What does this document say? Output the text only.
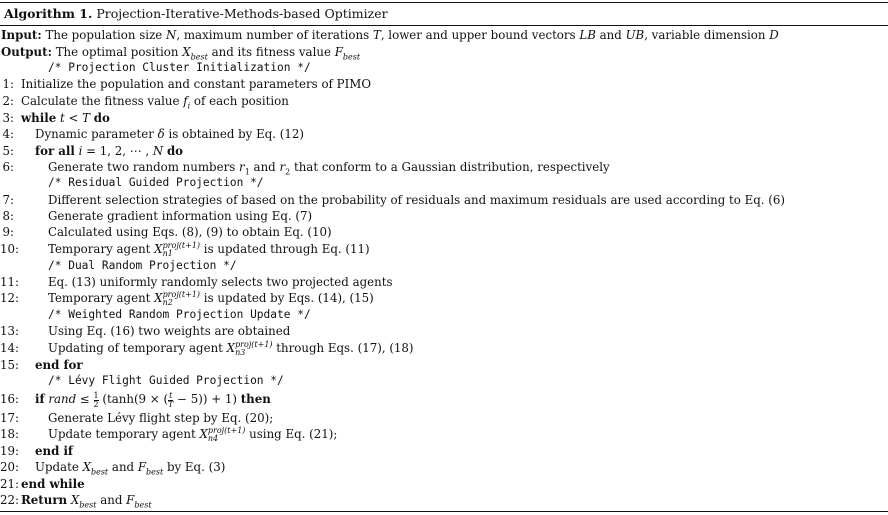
Algorithm 1. Projection-Iterative-Methods-based Optimizer
Input: The population size N, maximum number of iterations T, lower and upper bound vectors LB and UB, variable dimension D
Output: The optimal position $X_{best}$ and its fitness value $F_{best}$
/* Projection Cluster Initialization */
1: Initialize the population and constant parameters of PIMO
2: Calculate the fitness value $f_i$ of each position
3: while t < T do
4: Dynamic parameter δ is obtained by Eq. (12)
5: for all i = 1, 2, ⋯ , N do
6:	Generate two random numbers $r_1$ and $r_2$ that conform to a Gaussian distribution, respectively
/* Residual Guided Projection */
7:	Different selection strategies of based on the probability of residuals and maximum residuals are used according to Eq. (6)
8:	Generate gradient information using Eq. (7)
9:	Calculated using Eqs. (8), (9) to obtain Eq. (10)
10: Temporary agent X proj(t+1)
n1	is updated through Eq. (11)
/* Dual Random Projection */
11: Eq. (13) uniformly randomly selects two projected agents
12: Temporary agent X proj(t+1)
n2	is updated by Eqs. (14), (15)
/* Weighted Random Projection Update */
13: Using Eq. (16) two weights are obtained
14: Updating of temporary agent X proj(t+1)
n3	through Eqs. (17), (18)
15: end for
/* Lévy Flight Guided Projection */
16: if rand ≤ $\frac{1}{2} (\tanh(9$ × ( $\frac{t}{T} - 5)) + 1$) then
17: Generate Lévy flight step by Eq. (20);
18: Update temporary agent X proj(t+1)
n4	using Eq. (21);
19: end if
20: Update $X_{best}$ and $F_{best}$ by Eq. (3)
21: end while
22: Return $X_{best}$ and $F_{best}$
